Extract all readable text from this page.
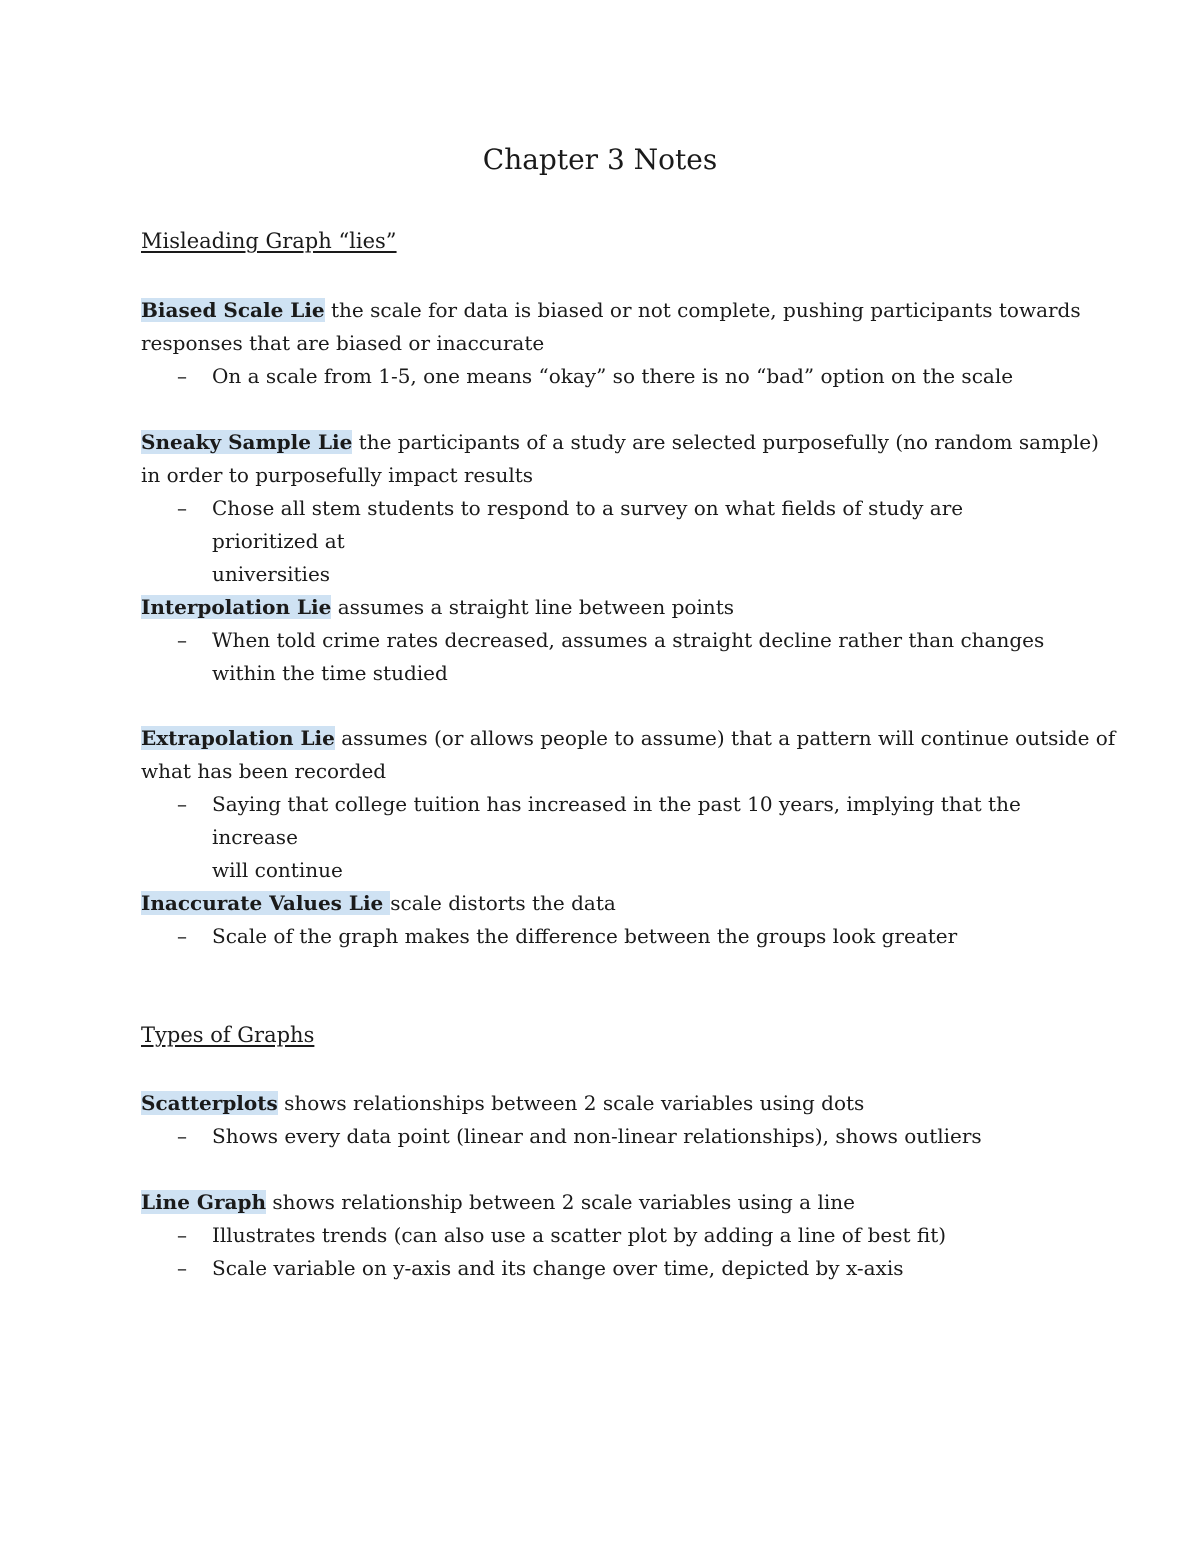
Chapter 3 Notes
Misleading Graph “lies”
Biased Scale Lie the scale for data is biased or not complete, pushing participants towards
responses that are biased or inaccurate
–	On a scale from 1-5, one means “okay” so there is no “bad” option on the scale
Sneaky Sample Lie the participants of a study are selected purposefully (no random sample)
in order to purposefully impact results
–	Chose all stem students to respond to a survey on what fields of study are prioritized at
universities
Interpolation Lie assumes a straight line between points
–	When told crime rates decreased, assumes a straight decline rather than changes
within the time studied
Extrapolation Lie assumes (or allows people to assume) that a pattern will continue outside of
what has been recorded
–	Saying that college tuition has increased in the past 10 years, implying that the increase
will continue
Inaccurate Values Lie scale distorts the data
–	Scale of the graph makes the difference between the groups look greater
Types of Graphs
Scatterplots shows relationships between 2 scale variables using dots
–	Shows every data point (linear and non-linear relationships), shows outliers
Line Graph shows relationship between 2 scale variables using a line
–	Illustrates trends (can also use a scatter plot by adding a line of best fit)
–	Scale variable on y-axis and its change over time, depicted by x-axis
